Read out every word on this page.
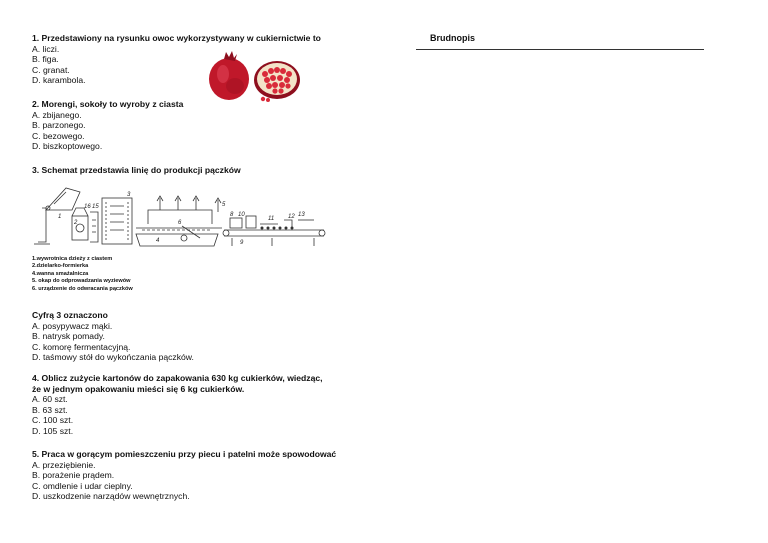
1. Przedstawiony na rysunku owoc wykorzystywany w cukiernictwie to
A. liczi.
B. figa.
C. granat.
D. karambola.
2. Morengi, sokoły to wyroby z ciasta
A. zbijanego.
B. parzonego.
C. bezowego.
D. biszkoptowego.
3. Schemat przedstawia linię do produkcji pączków
1
2
3
4
5
6
8
9
10
11 12 13
15
16
1.wywrotnica dzieży z ciastem
2.dzielarko-formierka
4.wanna smażalnicza
5. okap do odprowadzania wyziewów
6. urządzenie do odwracania pączków
Cyfrą 3 oznaczono
A. posypywacz mąki.
B. natrysk pomady.
C. komorę fermentacyjną.
D. taśmowy stół do wykończania pączków.
4. Oblicz zużycie kartonów do zapakowania 630 kg cukierków, wiedząc,
że w jednym opakowaniu mieści się 6 kg cukierków.
A. 60 szt.
B. 63 szt.
C. 100 szt.
D. 105 szt.
5. Praca w gorącym pomieszczeniu przy piecu i patelni może spowodować
A. przeziębienie.
B. porażenie prądem.
C. omdlenie i udar cieplny.
D. uszkodzenie narządów wewnętrznych.
Brudnopis
